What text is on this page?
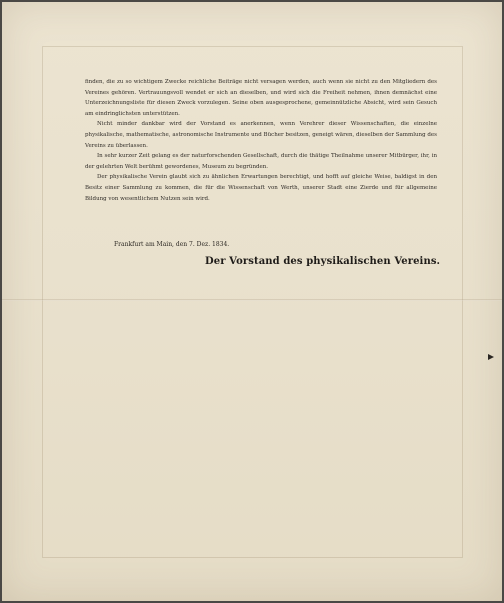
finden, die zu so wichtigem Zwecke reichliche Beiträge nicht versagen werden, auch wenn sie nicht zu den Mitgliedern des Vereines gehören. Vertrauungsvoll wendet er sich an dieselben, und wird sich die Freiheit nehmen, ihnen demnächst eine Unterzeichnungsliste für diesen Zweck vorzulegen. Seine oben ausgesprochene, gemeinnützliche Absicht, wird sein Gesuch am eindringlichsten unterstützen.

Nicht minder dankbar wird der Vorstand es anerkennen, wenn Verehrer dieser Wissenschaften, die einzelne physikalische, mathematische, astronomische Instrumente und Bücher besitzen, geneigt wären, dieselben der Sammlung des Vereins zu überlassen.

In sehr kurzer Zeit gelang es der naturforschenden Gesellschaft, durch die thätige Theilnahme unserer Mitbürger, ihr, in der gelehrten Welt berühmt gewordenes, Museum zu begründen.

Der physikalische Verein glaubt sich zu ähnlichen Erwartungen berechtigt, und hofft auf gleiche Weise, baldigst in den Besitz einer Sammlung zu kommen, die für die Wissenschaft von Werth, unserer Stadt eine Zierde und für allgemeine Bildung von wesentlichem Nutzen sein wird.

Frankfurt am Main, den 7. Dez. 1834.
Der Vorstand des physikalischen Vereins.
